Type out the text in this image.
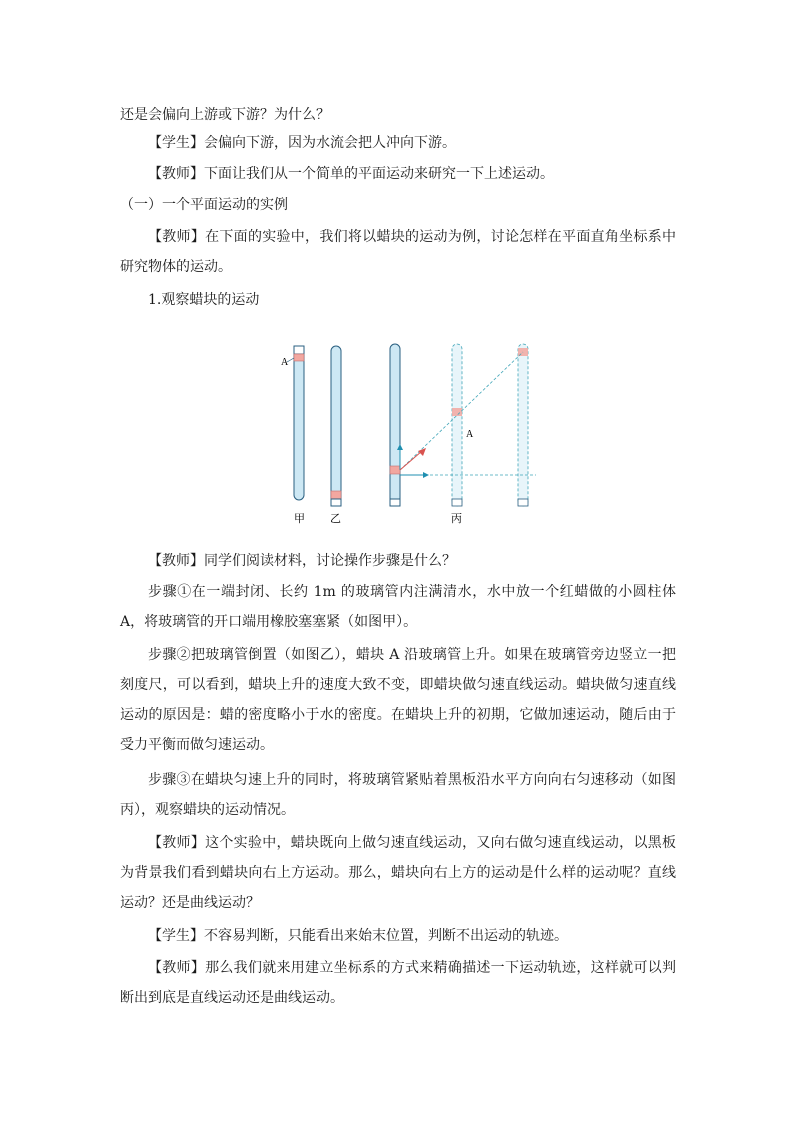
还是会偏向上游或下游？为什么？

【学生】会偏向下游，因为水流会把人冲向下游。

【教师】下面让我们从一个简单的平面运动来研究一下上述运动。

（一）一个平面运动的实例

【教师】在下面的实验中，我们将以蜡块的运动为例，讨论怎样在平面直角坐标系中研究物体的运动。

1.观察蜡块的运动

A
A
甲 乙	丙

【教师】同学们阅读材料，讨论操作步骤是什么？

步骤①在一端封闭、长约 1m 的玻璃管内注满清水，水中放一个红蜡做的小圆柱体 A，将玻璃管的开口端用橡胶塞塞紧（如图甲）。

步骤②把玻璃管倒置（如图乙），蜡块 A 沿玻璃管上升。如果在玻璃管旁边竖立一把刻度尺，可以看到，蜡块上升的速度大致不变，即蜡块做匀速直线运动。蜡块做匀速直线运动的原因是：蜡的密度略小于水的密度。在蜡块上升的初期，它做加速运动，随后由于受力平衡而做匀速运动。

步骤③在蜡块匀速上升的同时，将玻璃管紧贴着黑板沿水平方向向右匀速移动（如图丙），观察蜡块的运动情况。

【教师】这个实验中，蜡块既向上做匀速直线运动，又向右做匀速直线运动，以黑板为背景我们看到蜡块向右上方运动。那么，蜡块向右上方的运动是什么样的运动呢？直线运动？还是曲线运动？

【学生】不容易判断，只能看出来始末位置，判断不出运动的轨迹。

【教师】那么我们就来用建立坐标系的方式来精确描述一下运动轨迹，这样就可以判断出到底是直线运动还是曲线运动。
